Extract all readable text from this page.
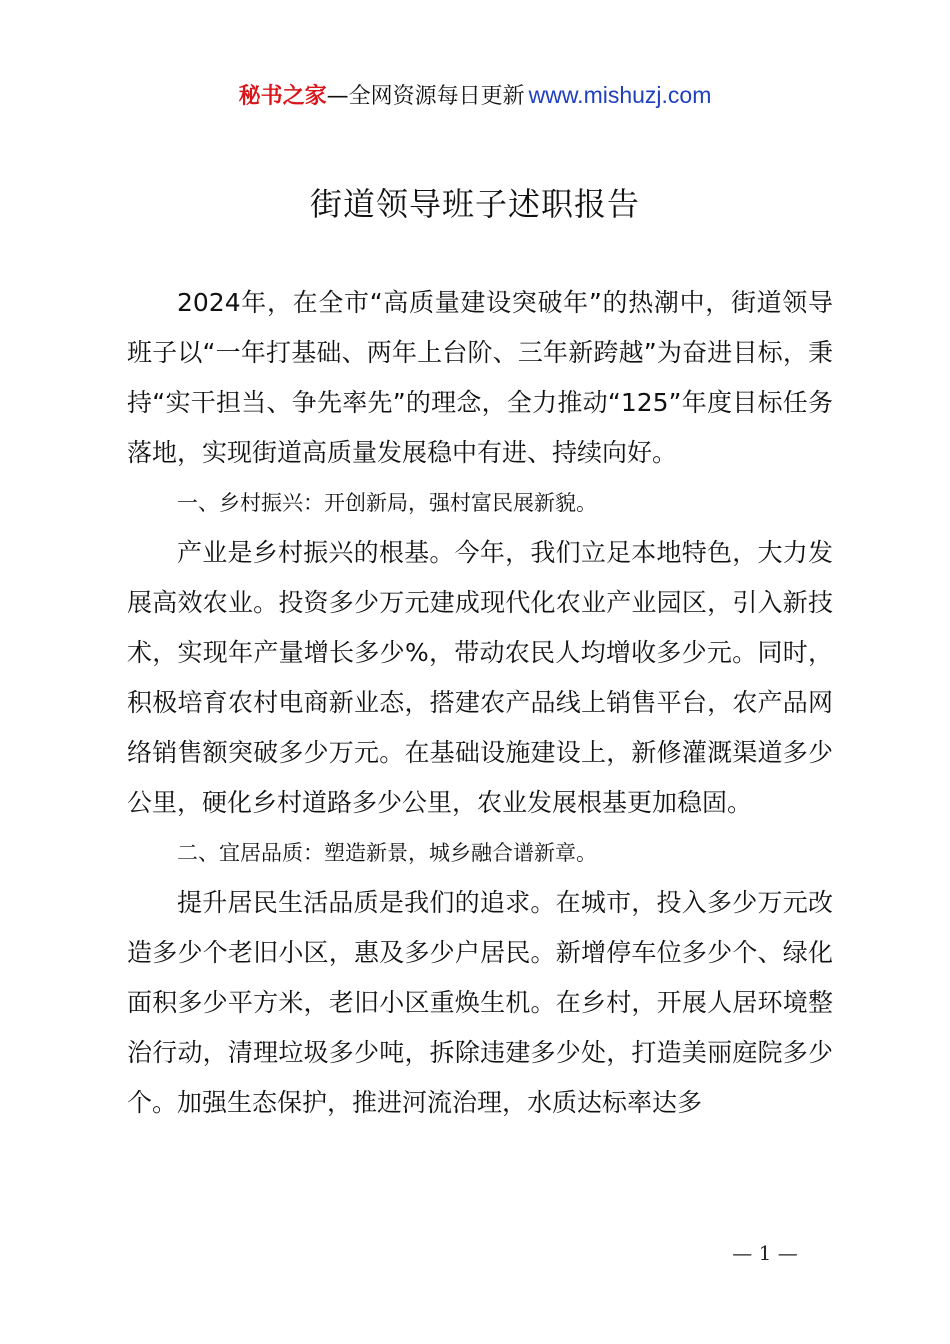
秘书之家—全网资源每日更新 www.mishuzj.com
街道领导班子述职报告

2024年，在全市“高质量建设突破年”的热潮中，街道领导班子以“一年打基础、两年上台阶、三年新跨越”为奋进目标，秉持“实干担当、争先率先”的理念，全力推动“125”年度目标任务落地，实现街道高质量发展稳中有进、持续向好。

一、乡村振兴：开创新局，强村富民展新貌。

产业是乡村振兴的根基。今年，我们立足本地特色，大力发展高效农业。投资多少万元建成现代化农业产业园区，引入新技术，实现年产量增长多少%，带动农民人均增收多少元。同时，积极培育农村电商新业态，搭建农产品线上销售平台，农产品网络销售额突破多少万元。在基础设施建设上，新修灌溉渠道多少公里，硬化乡村道路多少公里，农业发展根基更加稳固。

二、宜居品质：塑造新景，城乡融合谱新章。

提升居民生活品质是我们的追求。在城市，投入多少万元改造多少个老旧小区，惠及多少户居民。新增停车位多少个、绿化面积多少平方米，老旧小区重焕生机。在乡村，开展人居环境整治行动，清理垃圾多少吨，拆除违建多少处，打造美丽庭院多少个。加强生态保护，推进河流治理，水质达标率达多

— 1 —
